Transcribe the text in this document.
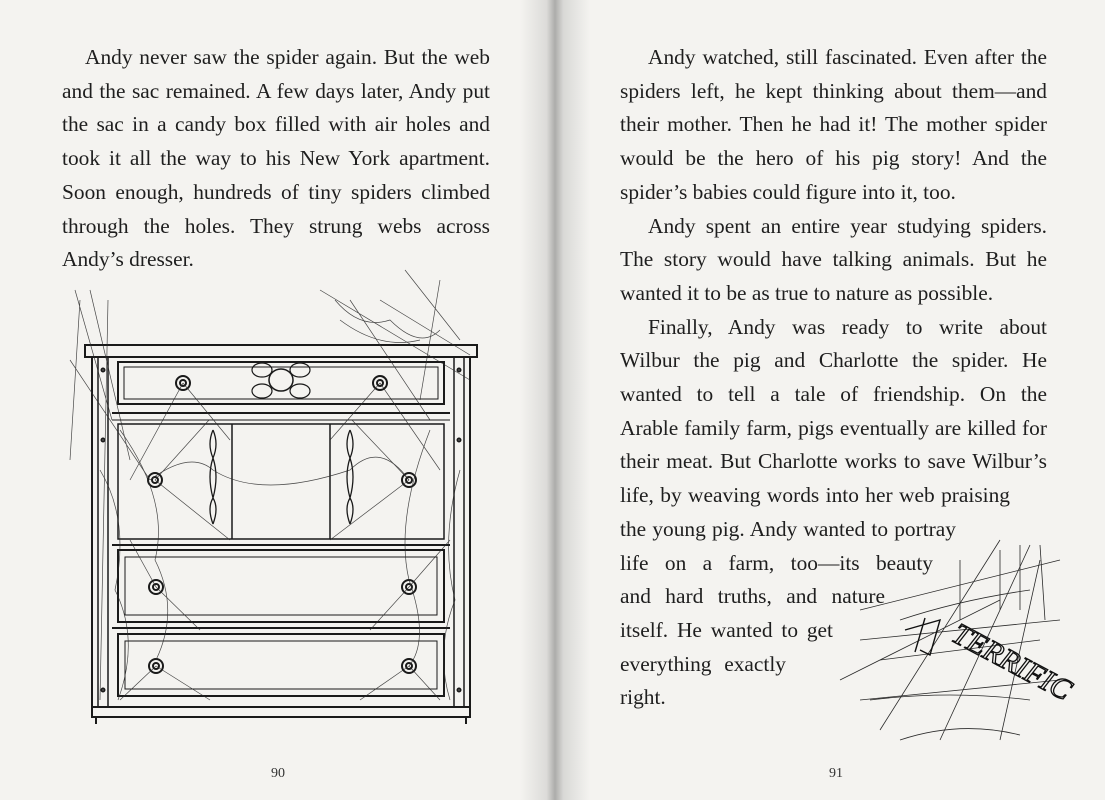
Andy never saw the spider again. But the web and the sac remained. A few days later, Andy put the sac in a candy box filled with air holes and took it all the way to his New York apartment. Soon enough, hundreds of tiny spiders climbed through the holes. They strung webs across Andy’s dresser.

90
TERRIFIC
91

Andy watched, still fascinated. Even after the spiders left, he kept thinking about them—and their mother. Then he had it! The mother spider would be the hero of his pig story! And the spider’s babies could figure into it, too.

Andy spent an entire year studying spiders. The story would have talking animals. But he wanted it to be as true to nature as possible.

Finally, Andy was ready to write about
Wilbur the pig and Charlotte the spider. He
wanted to tell a tale of friendship. On the
Arable family farm, pigs eventually are killed for
their meat. But Charlotte works to save Wilbur’s
life, by weaving words into her web praising
the young pig. Andy wanted to portray
life on a farm, too—its beauty
and hard truths, and nature
itself. He wanted to get
everything exactly
right.
